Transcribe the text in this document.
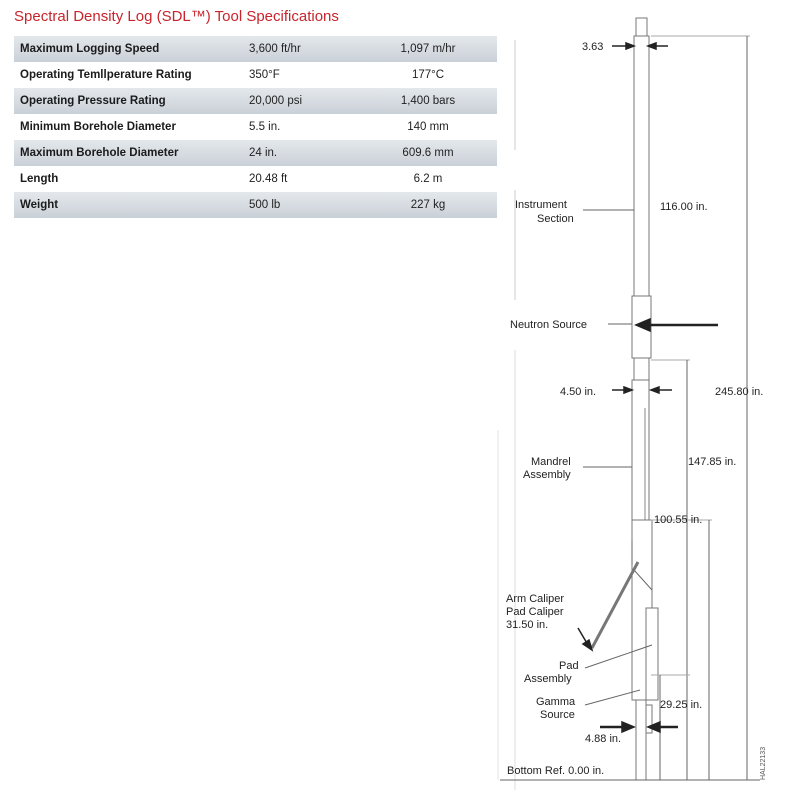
Spectral Density Log (SDL™) Tool Specifications
Maximum Logging Speed	3,600 ft/hr	1,097 m/hr
Operating Temllperature Rating	350°F	177°C
Operating Pressure Rating	20,000 psi	1,400 bars
Minimum Borehole Diameter	5.5 in.	140 mm
Maximum Borehole Diameter	24 in.	609.6 mm
Length	20.48 ft	6.2 m
Weight	500 lb	227 kg
3.63
Instrument
Section
116.00 in.
Neutron Source
4.50 in.	245.80 in.
Mandrel
Assembly
147.85 in.
100.55 in.
Arm Caliper
Pad Caliper
31.50 in.
Pad
Assembly
Gamma
Source
29.25 in.
4.88 in.
Bottom Ref. 0.00 in.	HAL22133
